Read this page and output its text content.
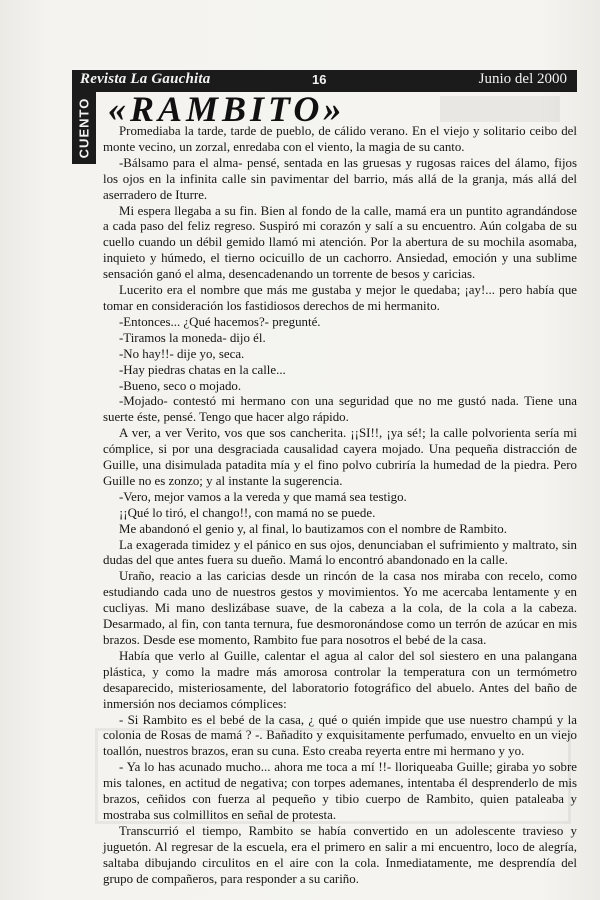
Revista La Gauchita	16	Junio del 2000
CUENTO «RAMBITO»

Promediaba la tarde, tarde de pueblo, de cálido verano. En el viejo y solitario ceibo del monte vecino, un zorzal, enredaba con el viento, la magia de su canto.

-Bálsamo para el alma- pensé, sentada en las gruesas y rugosas raices del álamo, fijos los ojos en la infinita calle sin pavimentar del barrio, más allá de la granja, más allá del aserradero de Iturre.

Mi espera llegaba a su fin. Bien al fondo de la calle, mamá era un puntito agrandándose a cada paso del feliz regreso. Suspiró mi corazón y salí a su encuentro. Aún colgaba de su cuello cuando un débil gemido llamó mi atención. Por la abertura de su mochila asomaba, inquieto y húmedo, el tierno ocicuillo de un cachorro. Ansiedad, emoción y una sublime sensación ganó el alma, desencadenando un torrente de besos y caricias.

Lucerito era el nombre que más me gustaba y mejor le quedaba; ¡ay!... pero había que tomar en consideración los fastidiosos derechos de mi hermanito.

-Entonces... ¿Qué hacemos?- pregunté.

-Tiramos la moneda- dijo él.

-No hay!!- dije yo, seca.

-Hay piedras chatas en la calle...

-Bueno, seco o mojado.

-Mojado- contestó mi hermano con una seguridad que no me gustó nada. Tiene una suerte éste, pensé. Tengo que hacer algo rápido.

A ver, a ver Verito, vos que sos cancherita. ¡¡SI!!, ¡ya sé!; la calle polvorienta sería mi cómplice, si por una desgraciada causalidad cayera mojado. Una pequeña distracción de Guille, una disimulada patadita mía y el fino polvo cubriría la humedad de la piedra. Pero Guille no es zonzo; y al instante la sugerencia.

-Vero, mejor vamos a la vereda y que mamá sea testigo.

¡¡Qué lo tiró, el chango!!, con mamá no se puede.

Me abandonó el genio y, al final, lo bautizamos con el nombre de Rambito.

La exagerada timidez y el pánico en sus ojos, denunciaban el sufrimiento y maltrato, sin dudas del que antes fuera su dueño. Mamá lo encontró abandonado en la calle.

Uraño, reacio a las caricias desde un rincón de la casa nos miraba con recelo, como estudiando cada uno de nuestros gestos y movimientos. Yo me acercaba lentamente y en cucliyas. Mi mano deslizábase suave, de la cabeza a la cola, de la cola a la cabeza. Desarmado, al fin, con tanta ternura, fue desmoronándose como un terrón de azúcar en mis brazos. Desde ese momento, Rambito fue para nosotros el bebé de la casa.

Había que verlo al Guille, calentar el agua al calor del sol siestero en una palangana plástica, y como la madre más amorosa controlar la temperatura con un termómetro desaparecido, misteriosamente, del laboratorio fotográfico del abuelo. Antes del baño de inmersión nos deciamos cómplices:

- Si Rambito es el bebé de la casa, ¿ qué o quién impide que use nuestro champú y la colonia de Rosas de mamá ? -. Bañadito y exquisitamente perfumado, envuelto en un viejo toallón, nuestros brazos, eran su cuna. Esto creaba reyerta entre mi hermano y yo.

- Ya lo has acunado mucho... ahora me toca a mí !!- lloriqueaba Guille; giraba yo sobre mis talones, en actitud de negativa; con torpes ademanes, intentaba él desprenderlo de mis brazos, ceñidos con fuerza al pequeño y tibio cuerpo de Rambito, quien pataleaba y mostraba sus colmillitos en señal de protesta.

Transcurrió el tiempo, Rambito se había convertido en un adolescente travieso y juguetón. Al regresar de la escuela, era el primero en salir a mi encuentro, loco de alegría, saltaba dibujando circulitos en el aire con la cola. Inmediatamente, me desprendía del grupo de compañeros, para responder a su cariño.
